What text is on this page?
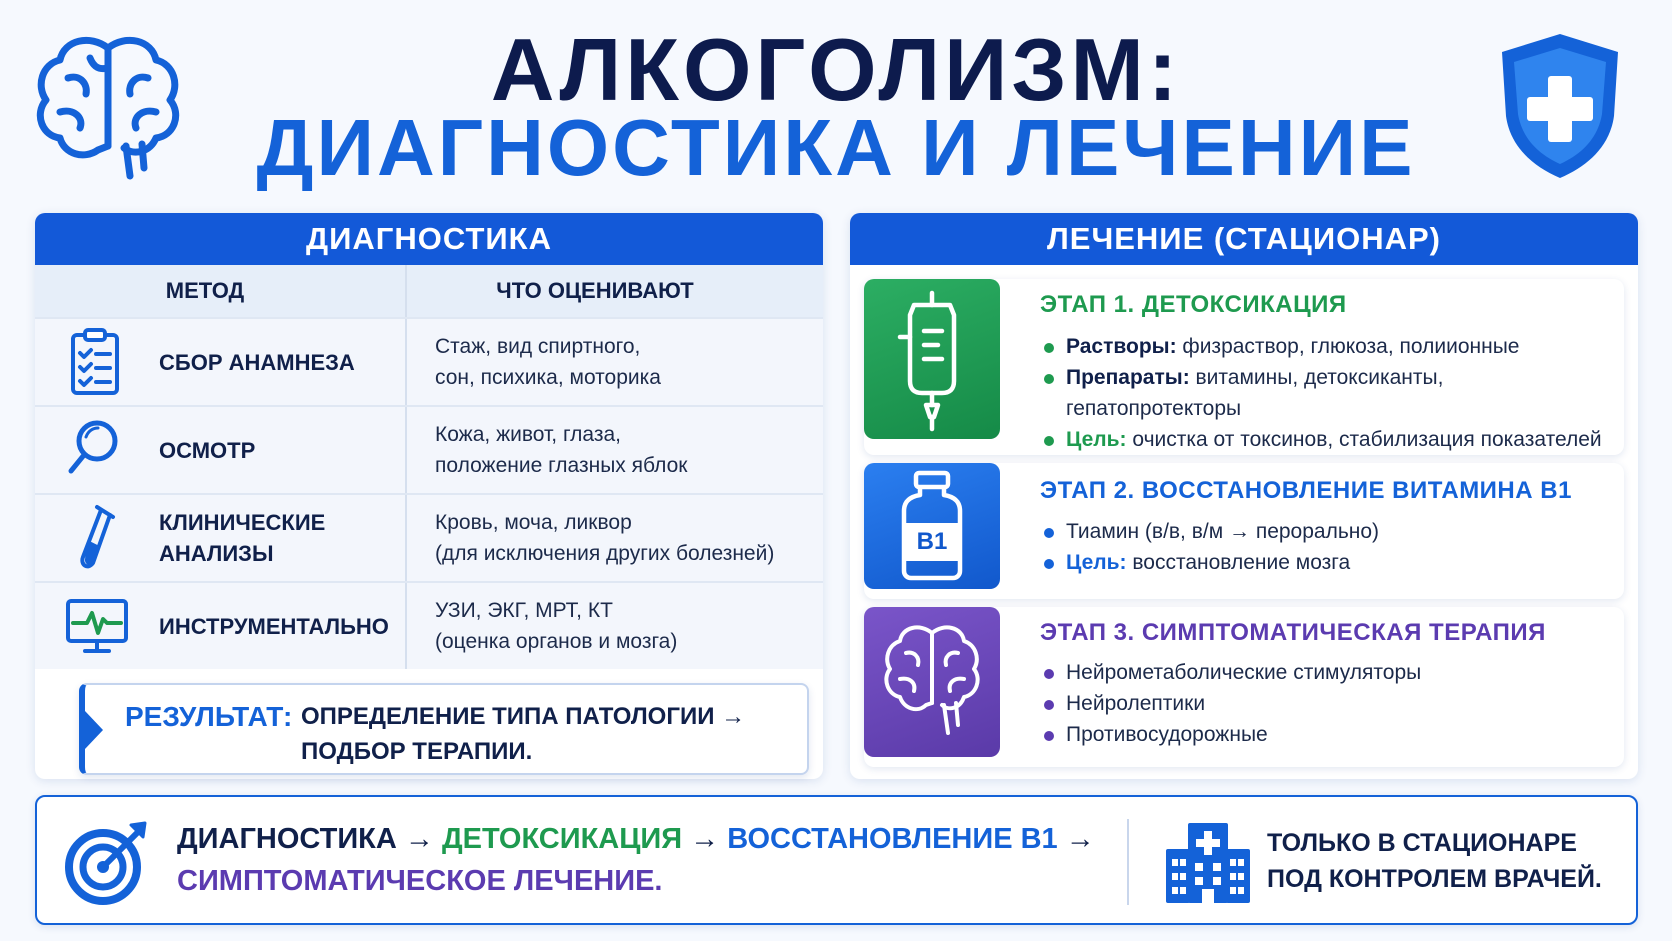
АЛКОГОЛИЗМ:
ДИАГНОСТИКА И ЛЕЧЕНИЕ
ДИАГНОСТИКА
МЕТОД	ЧТО ОЦЕНИВАЮТ
СБОР АНАМНЕЗА
Стаж, вид спиртного,
сон, психика, моторика
ОСМОТР
Кожа, живот, глаза,
положение глазных яблок
КЛИНИЧЕСКИЕ
АНАЛИЗЫ
Кровь, моча, ликвор
(для исключения других болезней)
ИНСТРУМЕНТАЛЬНО
УЗИ, ЭКГ, МРТ, КТ
(оценка органов и мозга)
РЕЗУЛЬТАТ: ОПРЕДЕЛЕНИЕ ТИПА ПАТОЛОГИИ →
ПОДБОР ТЕРАПИИ.
ЛЕЧЕНИЕ (СТАЦИОНАР)
ЭТАП 1. ДЕТОКСИКАЦИЯ
Растворы: физраствор, глюкоза, полиионные
Препараты: витамины, детоксиканты,
гепатопротекторы
Цель: очистка от токсинов, стабилизация показателей
B1
ЭТАП 2. ВОССТАНОВЛЕНИЕ ВИТАМИНА В1
Тиамин (в/в, в/м → перорально)
Цель: восстановление мозга
ЭТАП 3. СИМПТОМАТИЧЕСКАЯ ТЕРАПИЯ
Нейрометаболические стимуляторы
Нейролептики
Противосудорожные
ДИАГНОСТИКА → ДЕТОКСИКАЦИЯ → ВОССТАНОВЛЕНИЕ В1 →
СИМПТОМАТИЧЕСКОЕ ЛЕЧЕНИЕ.
ТОЛЬКО В СТАЦИОНАРЕ
ПОД КОНТРОЛЕМ ВРАЧЕЙ.
